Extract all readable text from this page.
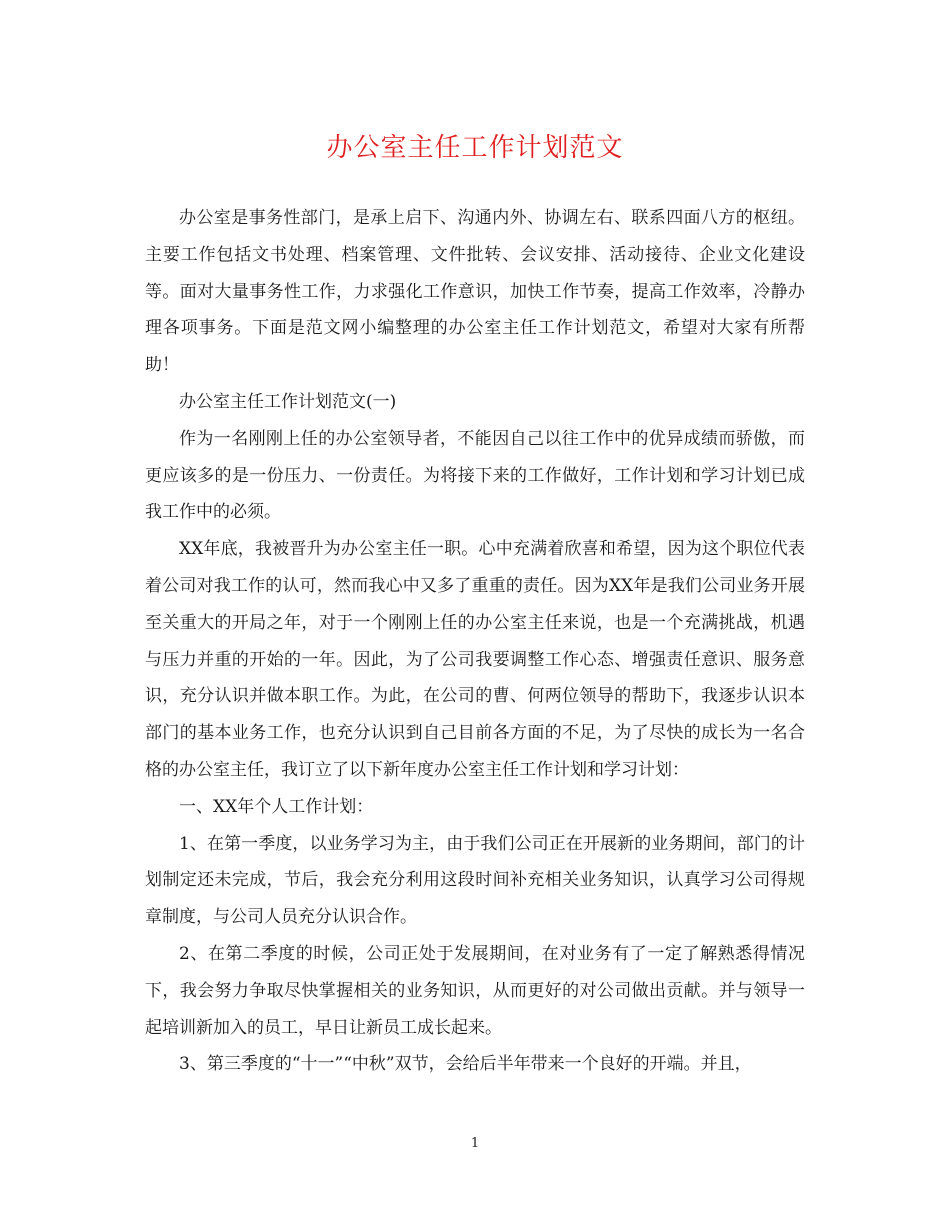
办公室主任工作计划范文

办公室是事务性部门，是承上启下、沟通内外、协调左右、联系四面八方的枢纽。主要工作包括文书处理、档案管理、文件批转、会议安排、活动接待、企业文化建设等。面对大量事务性工作，力求强化工作意识，加快工作节奏，提高工作效率，冷静办理各项事务。下面是范文网小编整理的办公室主任工作计划范文，希望对大家有所帮助！

办公室主任工作计划范文(一)

作为一名刚刚上任的办公室领导者，不能因自己以往工作中的优异成绩而骄傲，而更应该多的是一份压力、一份责任。为将接下来的工作做好，工作计划和学习计划已成我工作中的必须。

XX年底，我被晋升为办公室主任一职。心中充满着欣喜和希望，因为这个职位代表着公司对我工作的认可，然而我心中又多了重重的责任。因为XX年是我们公司业务开展至关重大的开局之年，对于一个刚刚上任的办公室主任来说，也是一个充满挑战，机遇与压力并重的开始的一年。因此，为了公司我要调整工作心态、增强责任意识、服务意识，充分认识并做本职工作。为此，在公司的曹、何两位领导的帮助下，我逐步认识本部门的基本业务工作，也充分认识到自己目前各方面的不足，为了尽快的成长为一名合格的办公室主任，我订立了以下新年度办公室主任工作计划和学习计划：

一、XX年个人工作计划：

1、在第一季度，以业务学习为主，由于我们公司正在开展新的业务期间，部门的计划制定还未完成，节后，我会充分利用这段时间补充相关业务知识，认真学习公司得规章制度，与公司人员充分认识合作。

2、在第二季度的时候，公司正处于发展期间，在对业务有了一定了解熟悉得情况下，我会努力争取尽快掌握相关的业务知识，从而更好的对公司做出贡献。并与领导一起培训新加入的员工，早日让新员工成长起来。

3、第三季度的“十一”“中秋”双节，会给后半年带来一个良好的开端。并且，

1
